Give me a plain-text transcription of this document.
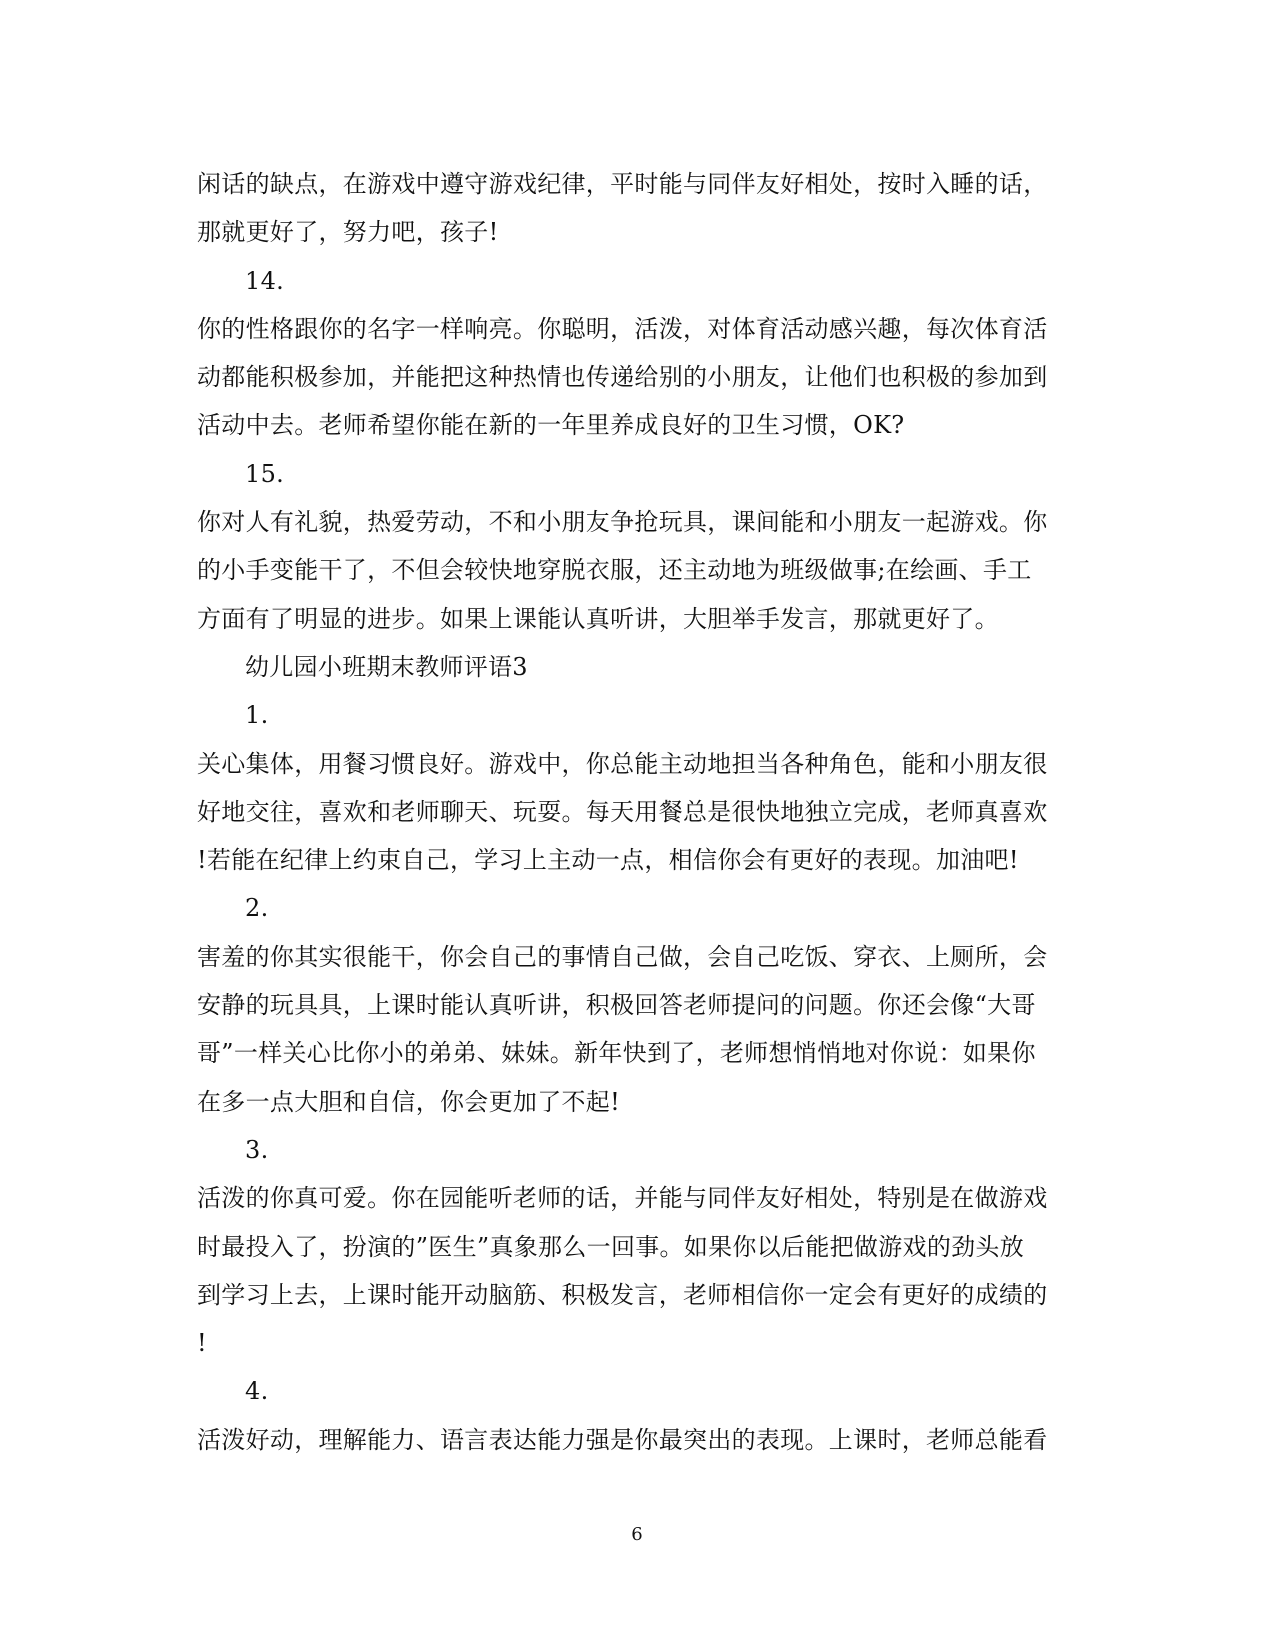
闲话的缺点，在游戏中遵守游戏纪律，平时能与同伴友好相处，按时入睡的话，
那就更好了，努力吧，孩子!
14.
你的性格跟你的名字一样响亮。你聪明，活泼，对体育活动感兴趣，每次体育活
动都能积极参加，并能把这种热情也传递给别的小朋友，让他们也积极的参加到
活动中去。老师希望你能在新的一年里养成良好的卫生习惯，OK?
15.
你对人有礼貌，热爱劳动，不和小朋友争抢玩具，课间能和小朋友一起游戏。你
的小手变能干了，不但会较快地穿脱衣服，还主动地为班级做事;在绘画、手工
方面有了明显的进步。如果上课能认真听讲，大胆举手发言，那就更好了。
幼儿园小班期末教师评语3
1.
关心集体，用餐习惯良好。游戏中，你总能主动地担当各种角色，能和小朋友很
好地交往，喜欢和老师聊天、玩耍。每天用餐总是很快地独立完成，老师真喜欢
!若能在纪律上约束自己，学习上主动一点，相信你会有更好的表现。加油吧!
2.
害羞的你其实很能干，你会自己的事情自己做，会自己吃饭、穿衣、上厕所，会
安静的玩具具，上课时能认真听讲，积极回答老师提问的问题。你还会像“大哥
哥”一样关心比你小的弟弟、妹妹。新年快到了，老师想悄悄地对你说：如果你
在多一点大胆和自信，你会更加了不起!
3.
活泼的你真可爱。你在园能听老师的话，并能与同伴友好相处，特别是在做游戏
时最投入了，扮演的”医生”真象那么一回事。如果你以后能把做游戏的劲头放
到学习上去，上课时能开动脑筋、积极发言，老师相信你一定会有更好的成绩的
!
4.
活泼好动，理解能力、语言表达能力强是你最突出的表现。上课时，老师总能看
6
